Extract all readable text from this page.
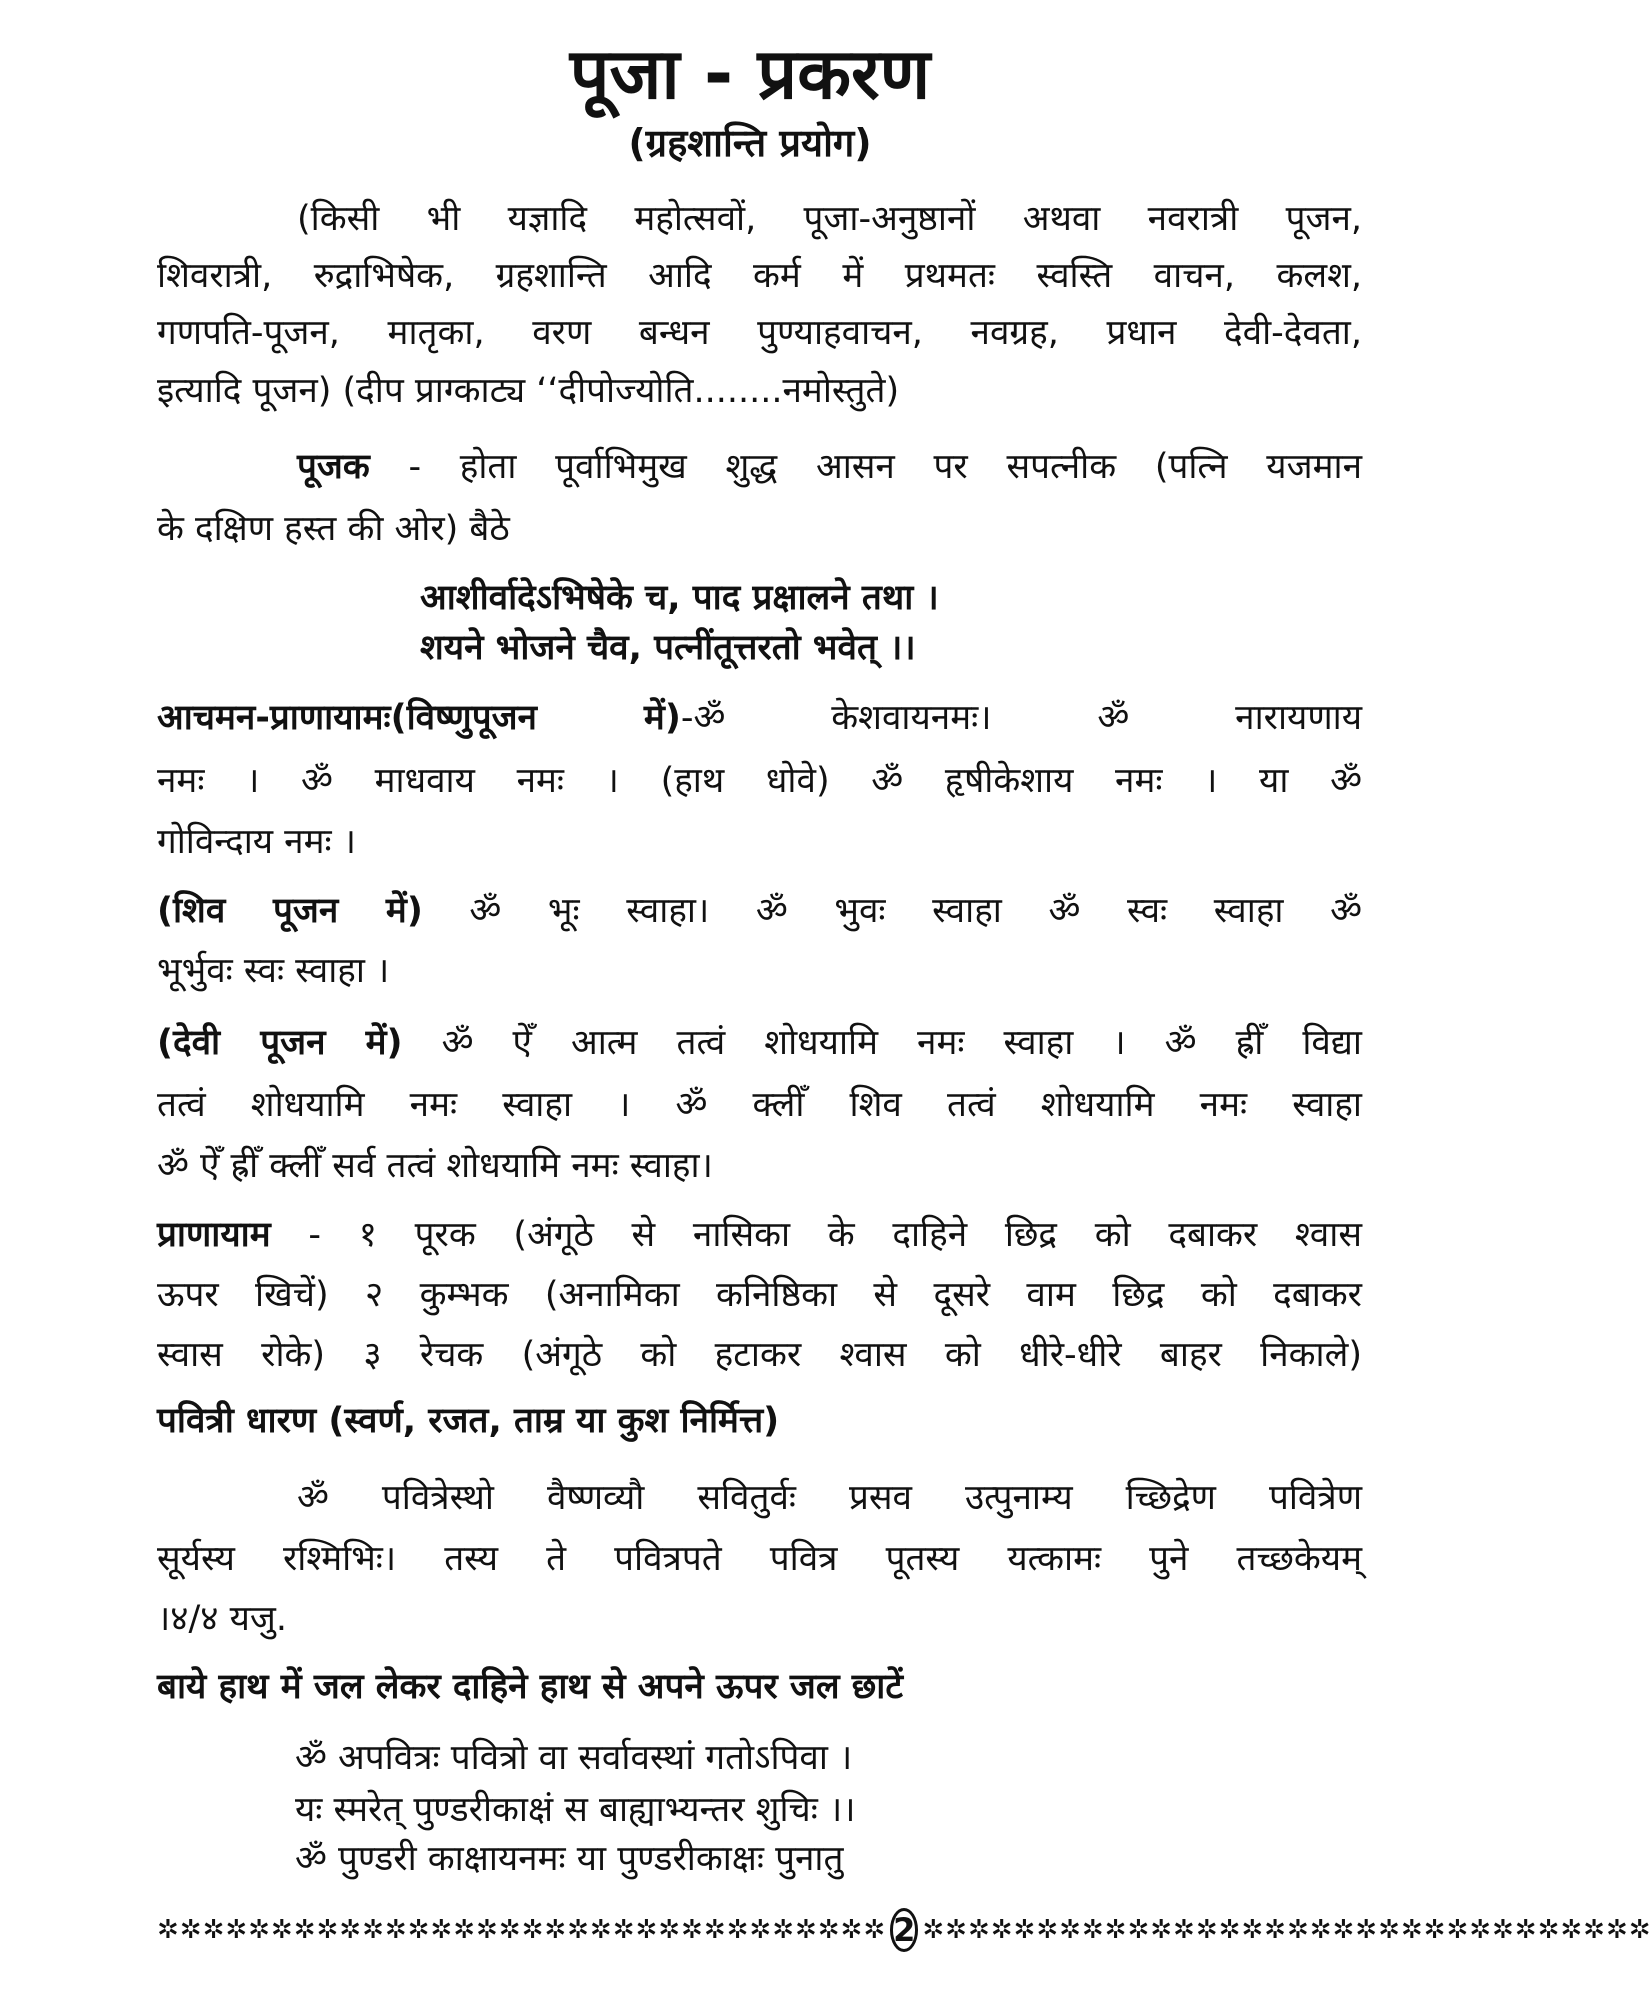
पूजा - प्रकरण
(ग्रहशान्ति प्रयोग)
(किसी भी यज्ञादि महोत्सवों, पूजा-अनुष्ठानों अथवा नवरात्री पूजन,
शिवरात्री, रुद्राभिषेक, ग्रहशान्ति आदि कर्म में प्रथमतः स्वस्ति वाचन, कलश,
गणपति-पूजन, मातृका, वरण बन्धन पुण्याहवाचन, नवग्रह, प्रधान देवी-देवता,
इत्यादि पूजन) (दीप प्राग्काट्य ‘‘दीपोज्योति........नमोस्तुते)
पूजक - होता पूर्वाभिमुख शुद्ध आसन पर सपत्नीक (पत्नि यजमान
के दक्षिण हस्त की ओर) बैठे
आशीर्वादेऽभिषेके च, पाद प्रक्षालने तथा ।
शयने भोजने चैव, पत्नींतूत्तरतो भवेत् ।।
आचमन-प्राणायामः(विष्णुपूजन में)-ॐ केशवायनमः। ॐ नारायणाय
नमः । ॐ माधवाय नमः । (हाथ धोवे) ॐ हृषीकेशाय नमः । या ॐ
गोविन्दाय नमः ।
(शिव पूजन में) ॐ भूः स्वाहा। ॐ भुवः स्वाहा ॐ स्वः स्वाहा ॐ
भूर्भुवः स्वः स्वाहा ।
(देवी पूजन में) ॐ ऐँ आत्म तत्वं शोधयामि नमः स्वाहा । ॐ ह्रीँ विद्या
तत्वं शोधयामि नमः स्वाहा । ॐ क्लीँ शिव तत्वं शोधयामि नमः स्वाहा
ॐ ऐँ ह्रीँ क्लीँ सर्व तत्वं शोधयामि नमः स्वाहा।
प्राणायाम - १ पूरक (अंगूठे से नासिका के दाहिने छिद्र को दबाकर श्वास
ऊपर खिचें) २ कुम्भक (अनामिका कनिष्ठिका से दूसरे वाम छिद्र को दबाकर
स्वास रोके) ३ रेचक (अंगूठे को हटाकर श्वास को धीरे-धीरे बाहर निकाले)
पवित्री धारण (स्वर्ण, रजत, ताम्र या कुश निर्मित्त)
ॐ पवित्रेस्थो वैष्णव्यौ सवितुर्वः प्रसव उत्पुनाम्य च्छिद्रेण पवित्रेण
सूर्यस्य रश्मिभिः। तस्य ते पवित्रपते पवित्र पूतस्य यत्कामः पुने तच्छकेयम्
।४/४ यजु.
बाये हाथ में जल लेकर दाहिने हाथ से अपने ऊपर जल छाटें
ॐ अपवित्रः पवित्रो वा सर्वावस्थां गतोऽपिवा ।
यः स्मरेत् पुण्डरीकाक्षं स बाह्याभ्यन्तर शुचिः ।।
ॐ पुण्डरी काक्षायनमः या पुण्डरीकाक्षः पुनातु
✲✲✲✲✲✲✲✲✲✲✲✲✲✲✲✲✲✲✲✲✲✲✲✲✲✲✲✲✲✲✲✲ 2 ✲✲✲✲✲✲✲✲✲✲✲✲✲✲✲✲✲✲✲✲✲✲✲✲✲✲✲✲✲✲✲✲
